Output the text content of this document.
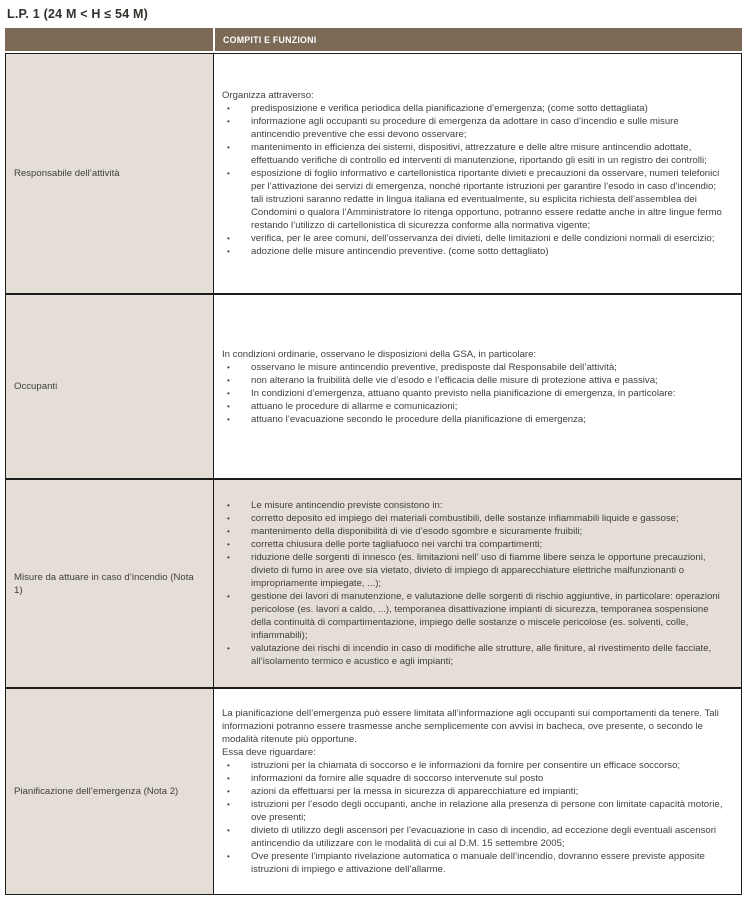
L.P. 1 (24 M < H ≤ 54 M)
COMPITI E FUNZIONI
Responsabile dell’attività

Organizza attraverso:

• predisposizione e verifica periodica della pianificazione d’emergenza; (come sotto dettagliata)
• informazione agli occupanti su procedure di emergenza da adottare in caso d’incendio e sulle misure antincendio preventive che essi devono osservare;
• mantenimento in efficienza dei sistemi, dispositivi, attrezzature e delle altre misure antincendio adottate, effettuando verifiche di controllo ed interventi di manutenzione, riportando gli esiti in un registro dei controlli;
• esposizione di foglio informativo e cartellonistica riportante divieti e precauzioni da osservare, numeri telefonici per l’attivazione dei servizi di emergenza, nonché riportante istruzioni per garantire l’esodo in caso d’incendio; tali istruzioni saranno redatte in lingua italiana ed eventualmente, su esplicita richiesta dell’assemblea dei Condomini o qualora l’Amministratore lo ritenga opportuno, potranno essere redatte anche in altre lingue fermo restando l’utilizzo di cartellonistica di sicurezza conforme alla normativa vigente;
• verifica, per le aree comuni, dell’osservanza dei divieti, delle limitazioni e delle condizioni normali di esercizio;
• adozione delle misure antincendio preventive. (come sotto dettagliato)
Occupanti

In condizioni ordinarie, osservano le disposizioni della GSA, in particolare:

• osservano le misure antincendio preventive, predisposte dal Responsabile dell’attività;
• non alterano la fruibilità delle vie d’esodo e l’efficacia delle misure di protezione attiva e passiva;
• In condizioni d’emergenza, attuano quanto previsto nella pianificazione di emergenza, in particolare:
• attuano le procedure di allarme e comunicazioni;
• attuano l’evacuazione secondo le procedure della pianificazione di emergenza;
Misure da attuare in caso d’incendio (Nota 1)
• Le misure antincendio previste consistono in:
• corretto deposito ed impiego dei materiali combustibili, delle sostanze infiammabili liquide e gassose;
• mantenimento della disponibilità di vie d’esodo sgombre e sicuramente fruibili;
• corretta chiusura delle porte tagliafuoco nei varchi tra compartimenti;
• riduzione delle sorgenti di innesco (es. limitazioni nell’ uso di fiamme libere senza le opportune precauzioni, divieto di fumo in aree ove sia vietato, divieto di impiego di apparecchiature elettriche malfunzionanti o impropriamente impiegate, ...);
• gestione dei lavori di manutenzione, e valutazione delle sorgenti di rischio aggiuntive, in particolare: operazioni pericolose (es. lavori a caldo, ...), temporanea disattivazione impianti di sicurezza, temporanea sospensione della continuità di compartimentazione, impiego delle sostanze o miscele pericolose (es. solventi, colle, infiammabili);
• valutazione dei rischi di incendio in caso di modifiche alle strutture, alle finiture, al rivestimento delle facciate, all’isolamento termico e acustico e agli impianti;
Pianificazione dell’emergenza (Nota 2)

La pianificazione dell’emergenza può essere limitata all’informazione agli occupanti sui comportamenti da tenere. Tali informazioni potranno essere trasmesse anche semplicemente con avvisi in bacheca, ove presente, o secondo le modalità ritenute più opportune.

Essa deve riguardare:

• istruzioni per la chiamata di soccorso e le informazioni da fornire per consentire un efficace soccorso;
• informazioni da fornire alle squadre di soccorso intervenute sul posto
• azioni da effettuarsi per la messa in sicurezza di apparecchiature ed impianti;
• istruzioni per l’esodo degli occupanti, anche in relazione alla presenza di persone con limitate capacità motorie, ove presenti;
• divieto di utilizzo degli ascensori per l’evacuazione in caso di incendio, ad eccezione degli eventuali ascensori antincendio da utilizzare con le modalità di cui al D.M. 15 settembre 2005;
• Ove presente l’impianto rivelazione automatica o manuale dell’incendio, dovranno essere previste apposite istruzioni di impiego e attivazione dell’allarme.
